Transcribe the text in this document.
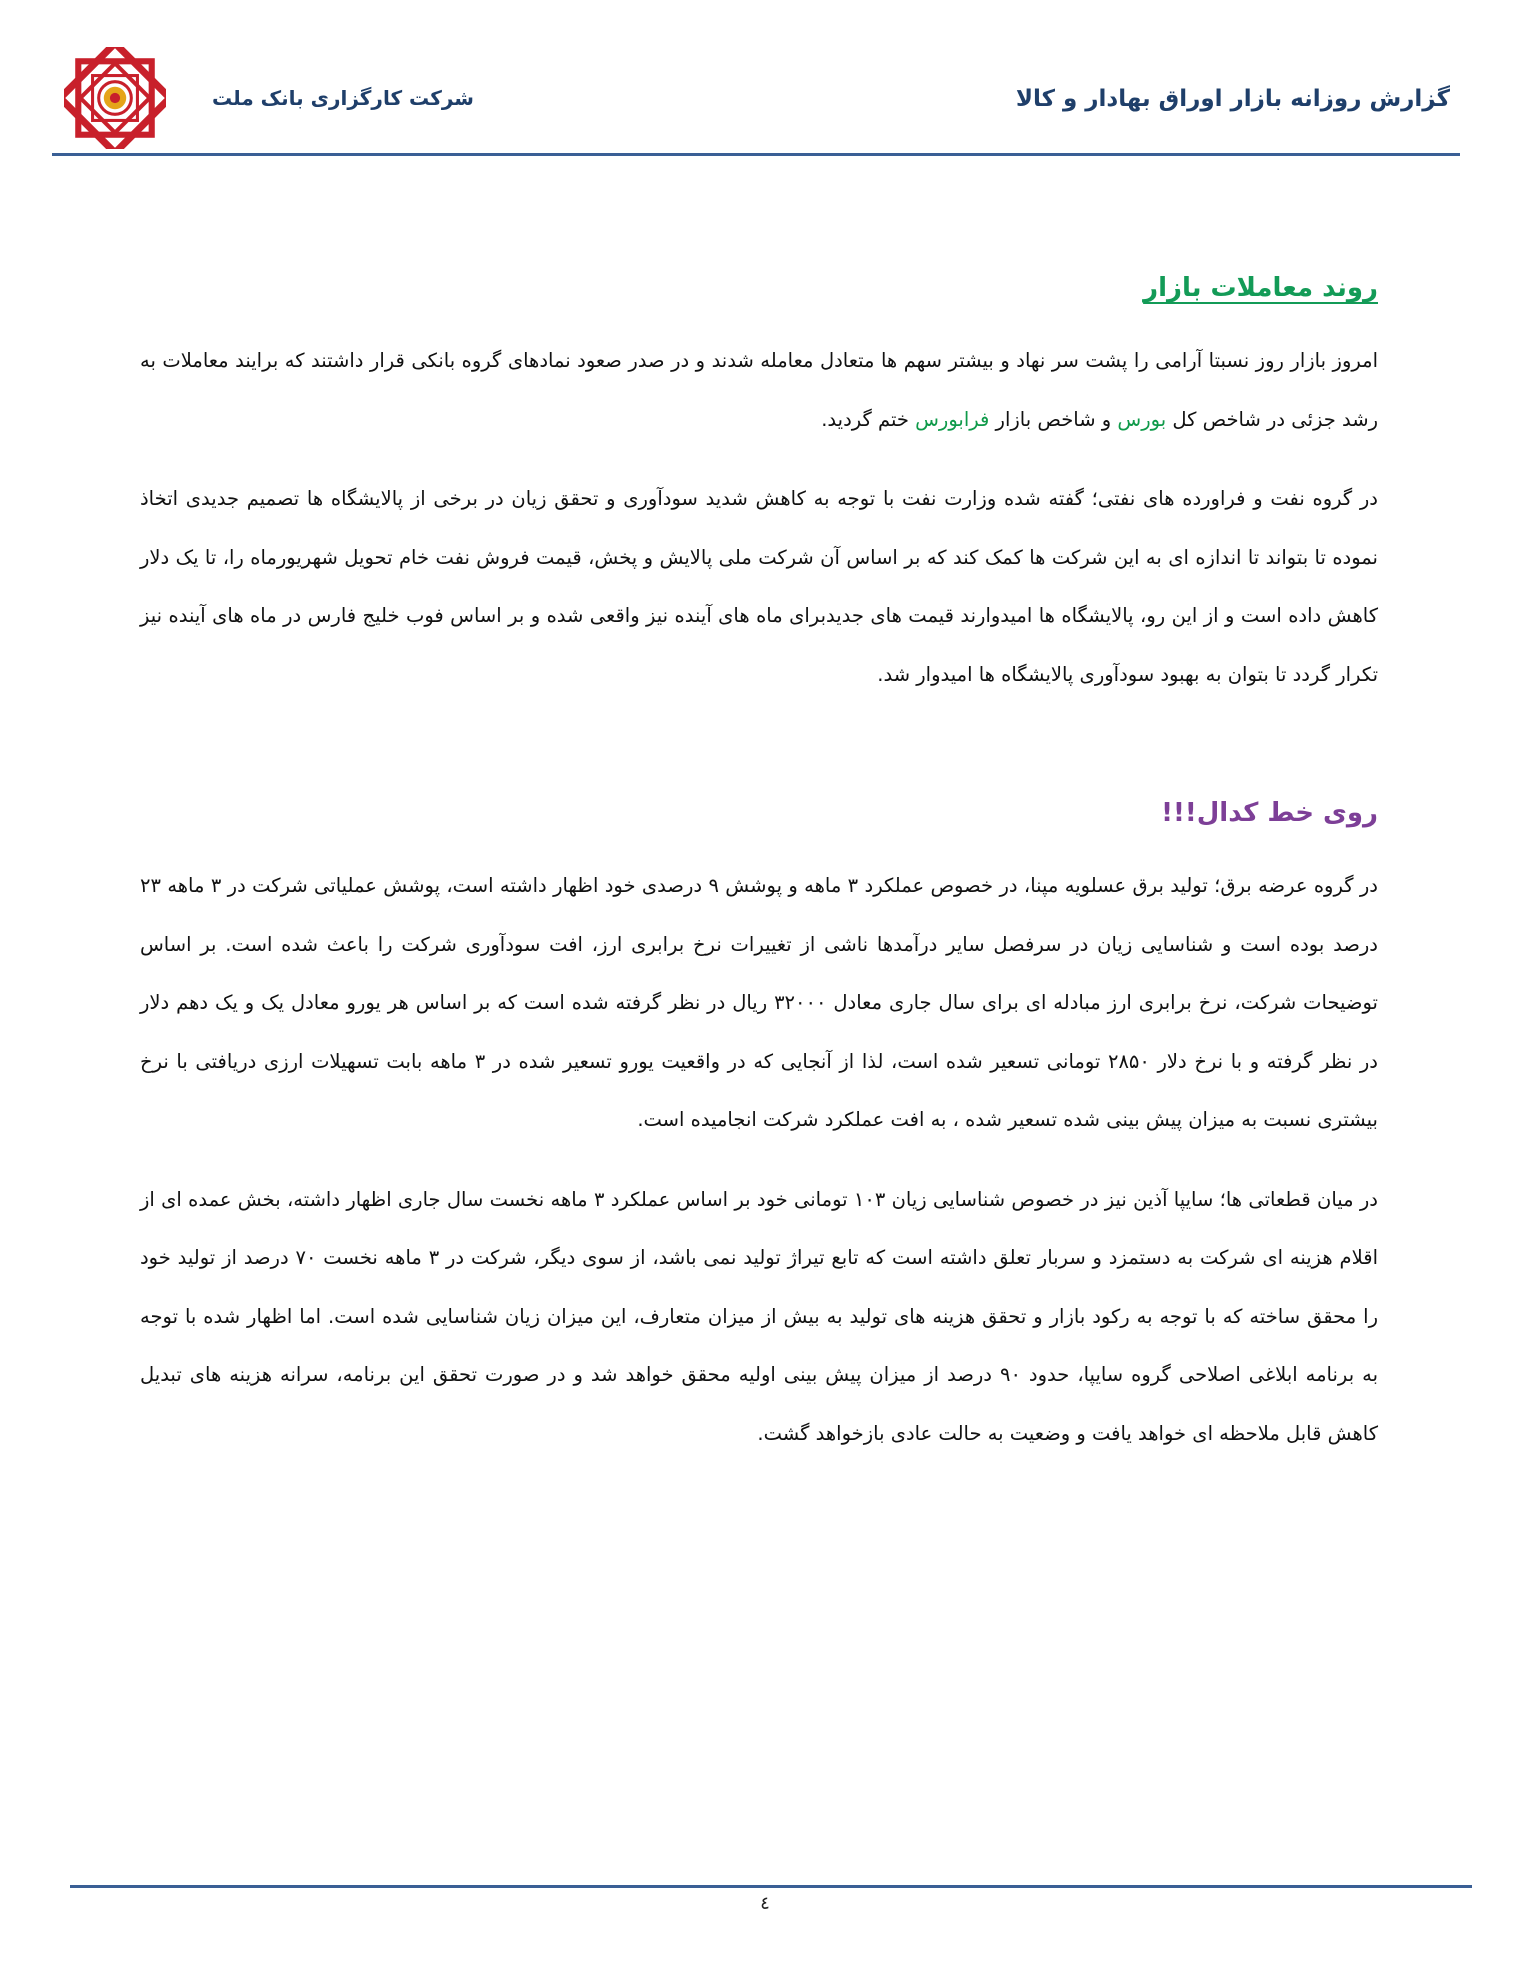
شرکت کارگزاری بانک ملت	گزارش روزانه بازار اوراق بهادار و کالا
روند معاملات بازار

امروز بازار روز نسبتا آرامی را پشت سر نهاد و بیشتر سهم ها متعادل معامله شدند و در صدر صعود نمادهای گروه بانکی قرار داشتند که برایند معاملات به رشد جزئی در شاخص کل بورس و شاخص بازار فرابورس ختم گردید.

در گروه نفت و فراورده های نفتی؛ گفته شده وزارت نفت با توجه به کاهش شدید سودآوری و تحقق زیان در برخی از پالایشگاه ها تصمیم جدیدی اتخاذ نموده تا بتواند تا اندازه ای به این شرکت ها کمک کند که بر اساس آن شرکت ملی پالایش و پخش، قیمت فروش نفت خام تحویل شهریورماه را، تا یک دلار کاهش داده است و از این رو، پالایشگاه ها امیدوارند قیمت های جدیدبرای ماه های آینده نیز واقعی شده و بر اساس فوب خلیج فارس در ماه های آینده نیز تکرار گردد تا بتوان به بهبود سودآوری پالایشگاه ها امیدوار شد.

روی خط کدال!!!

در گروه عرضه برق؛ تولید برق عسلویه مپنا، در خصوص عملکرد ۳ ماهه و پوشش ۹ درصدی خود اظهار داشته است، پوشش عملیاتی شرکت در ۳ ماهه ۲۳ درصد بوده است و شناسایی زیان در سرفصل سایر درآمدها ناشی از تغییرات نرخ برابری ارز، افت سودآوری شرکت را باعث شده است. بر اساس توضیحات شرکت، نرخ برابری ارز مبادله ای برای سال جاری معادل ۳۲۰۰۰ ریال در نظر گرفته شده است که بر اساس هر یورو معادل یک و یک دهم دلار در نظر گرفته و با نرخ دلار ۲۸۵۰ تومانی تسعیر شده است، لذا از آنجایی که در واقعیت یورو تسعیر شده در ۳ ماهه بابت تسهیلات ارزی دریافتی با نرخ بیشتری نسبت به میزان پیش بینی شده تسعیر شده ، به افت عملکرد شرکت انجامیده است.

در میان قطعاتی ها؛ سایپا آذین نیز در خصوص شناسایی زیان ۱۰۳ تومانی خود بر اساس عملکرد ۳ ماهه نخست سال جاری اظهار داشته، بخش عمده ای از اقلام هزینه ای شرکت به دستمزد و سربار تعلق داشته است که تابع تیراژ تولید نمی باشد، از سوی دیگر، شرکت در ۳ ماهه نخست ۷۰ درصد از تولید خود را محقق ساخته که با توجه به رکود بازار و تحقق هزینه های تولید به بیش از میزان متعارف، این میزان زیان شناسایی شده است. اما اظهار شده با توجه به برنامه ابلاغی اصلاحی گروه سایپا، حدود ۹۰ درصد از میزان پیش بینی اولیه محقق خواهد شد و در صورت تحقق این برنامه، سرانه هزینه های تبدیل کاهش قابل ملاحظه ای خواهد یافت و وضعیت به حالت عادی بازخواهد گشت.

٤
